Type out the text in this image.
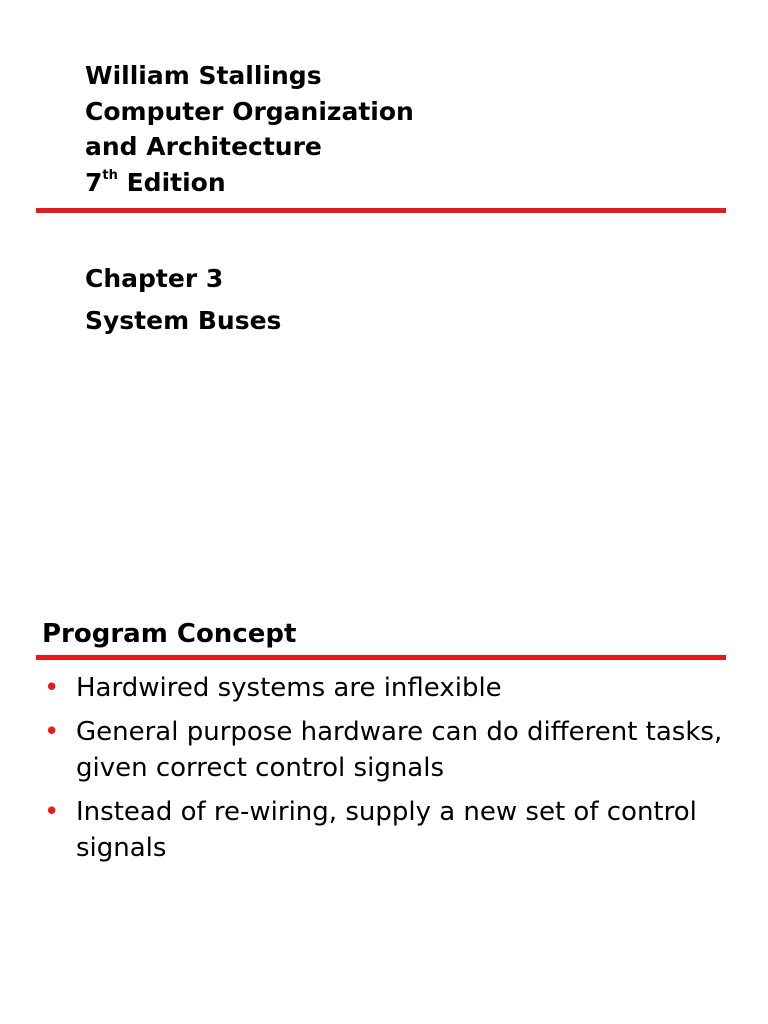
William Stallings
Computer Organization
and Architecture
7th Edition
Chapter 3
System Buses
Program Concept
• Hardwired systems are inflexible
• General purpose hardware can do different tasks, given correct control signals
• Instead of re-wiring, supply a new set of control signals
